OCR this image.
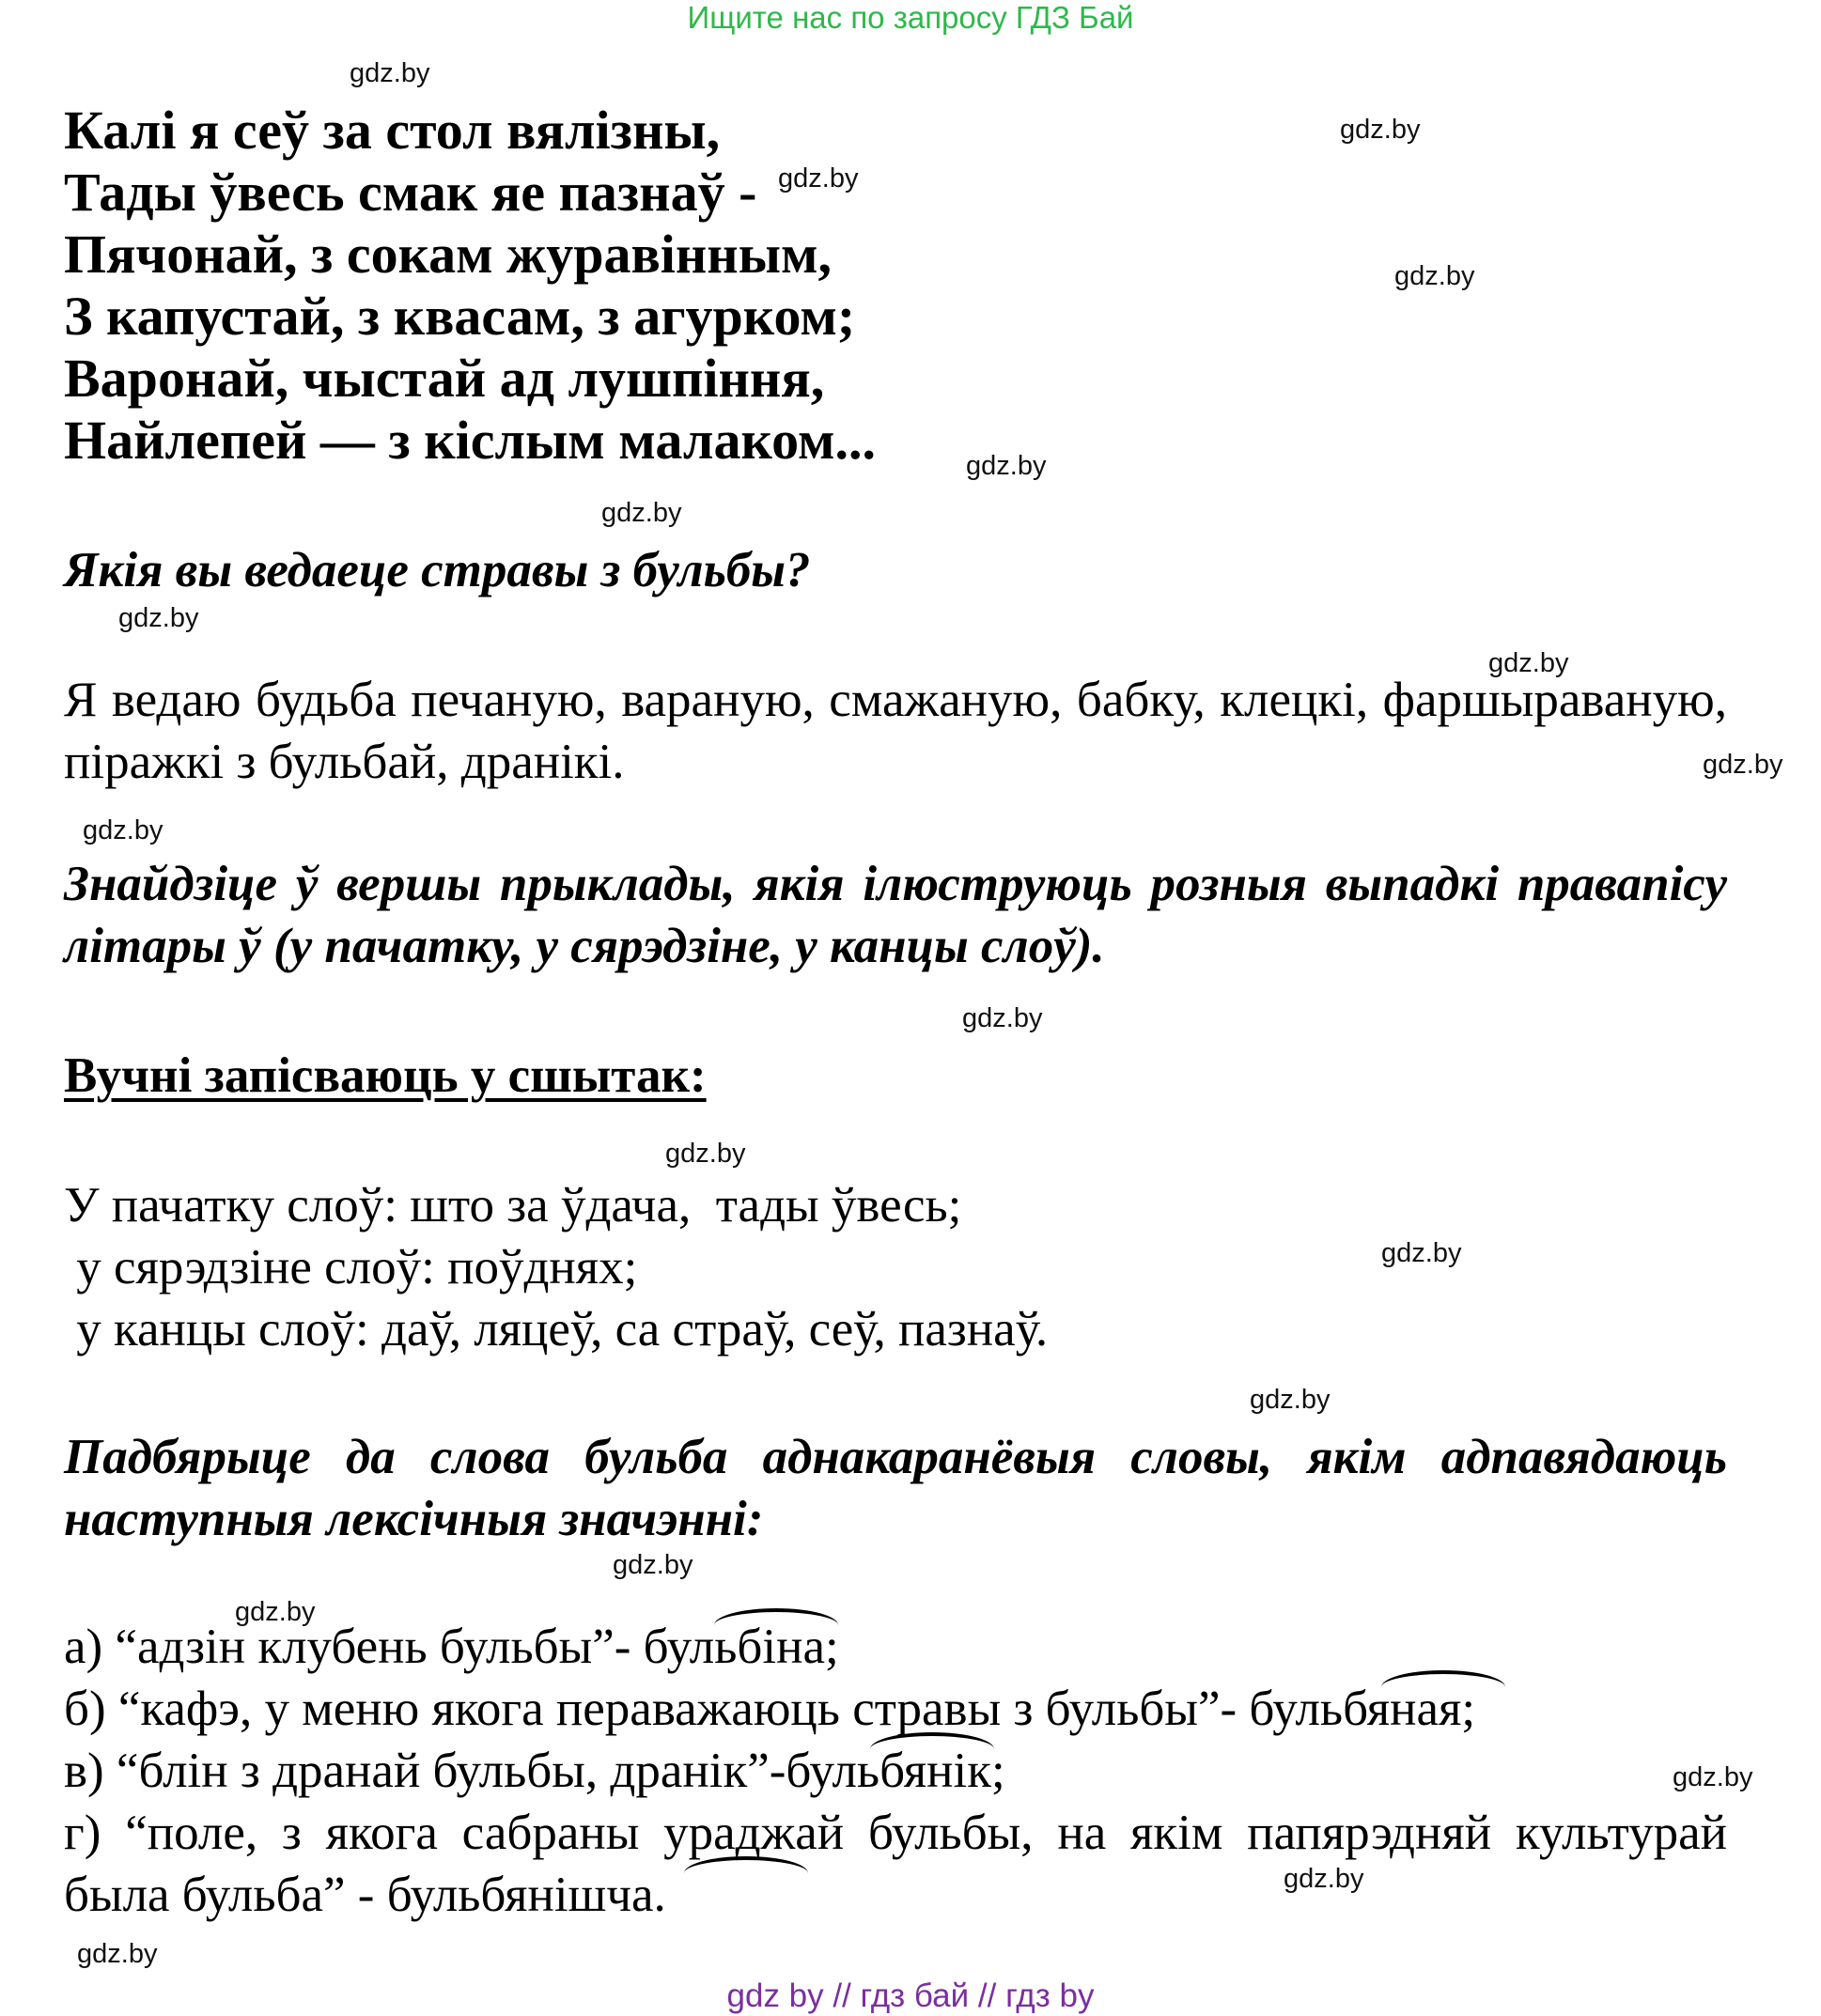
Ищите нас по запросу ГДЗ Бай
Калі я сеў за стол вялізны,
Тады ўвесь смак яе пазнаў -
Пячонай, з сокам журавінным,
З капустай, з квасам, з агурком;
Варонай, чыстай ад лушпіння,
Найлепей — з кіслым малаком...
Якія вы ведаеце стравы з бульбы?
Я ведаю будьба печаную, вараную, смажаную, бабку, клецкі, фаршыраваную, піражкі з бульбай, дранікі.
Знайдзіце ў вершы прыклады, якія ілюструюць розныя выпадкі правапісу літары ў (у пачатку, у сярэдзіне, у канцы слоў).
Вучні запісваюць у сшытак:
У пачатку слоў: што за ўдача,  тады ўвесь;
у сярэдзіне слоў: поўднях;
у канцы слоў: даў, ляцеў, са страў, сеў, пазнаў.
Падбярыце да слова бульба аднакаранёвыя словы, якім адпавядаюць наступныя лексічныя значэнні:
а) “адзін клубень бульбы”- бульбіна;
б) “кафэ, у меню якога пераважаюць стравы з бульбы”- бульбяная;
в) “блін з дранай бульбы, дранік”-бульбянік;
г) “поле, з якога сабраны ураджай бульбы, на якім папярэдняй культурай была бульба” - бульбянішча.
gdz.by
gdz.by
gdz.by
gdz.by
gdz.by
gdz.by
gdz.by
gdz.by
gdz.by
gdz.by
gdz.by
gdz.by
gdz.by
gdz.by
gdz.by
gdz.by
gdz.by
gdz.by
gdz.by
gdz by // гдз бай // гдз by
